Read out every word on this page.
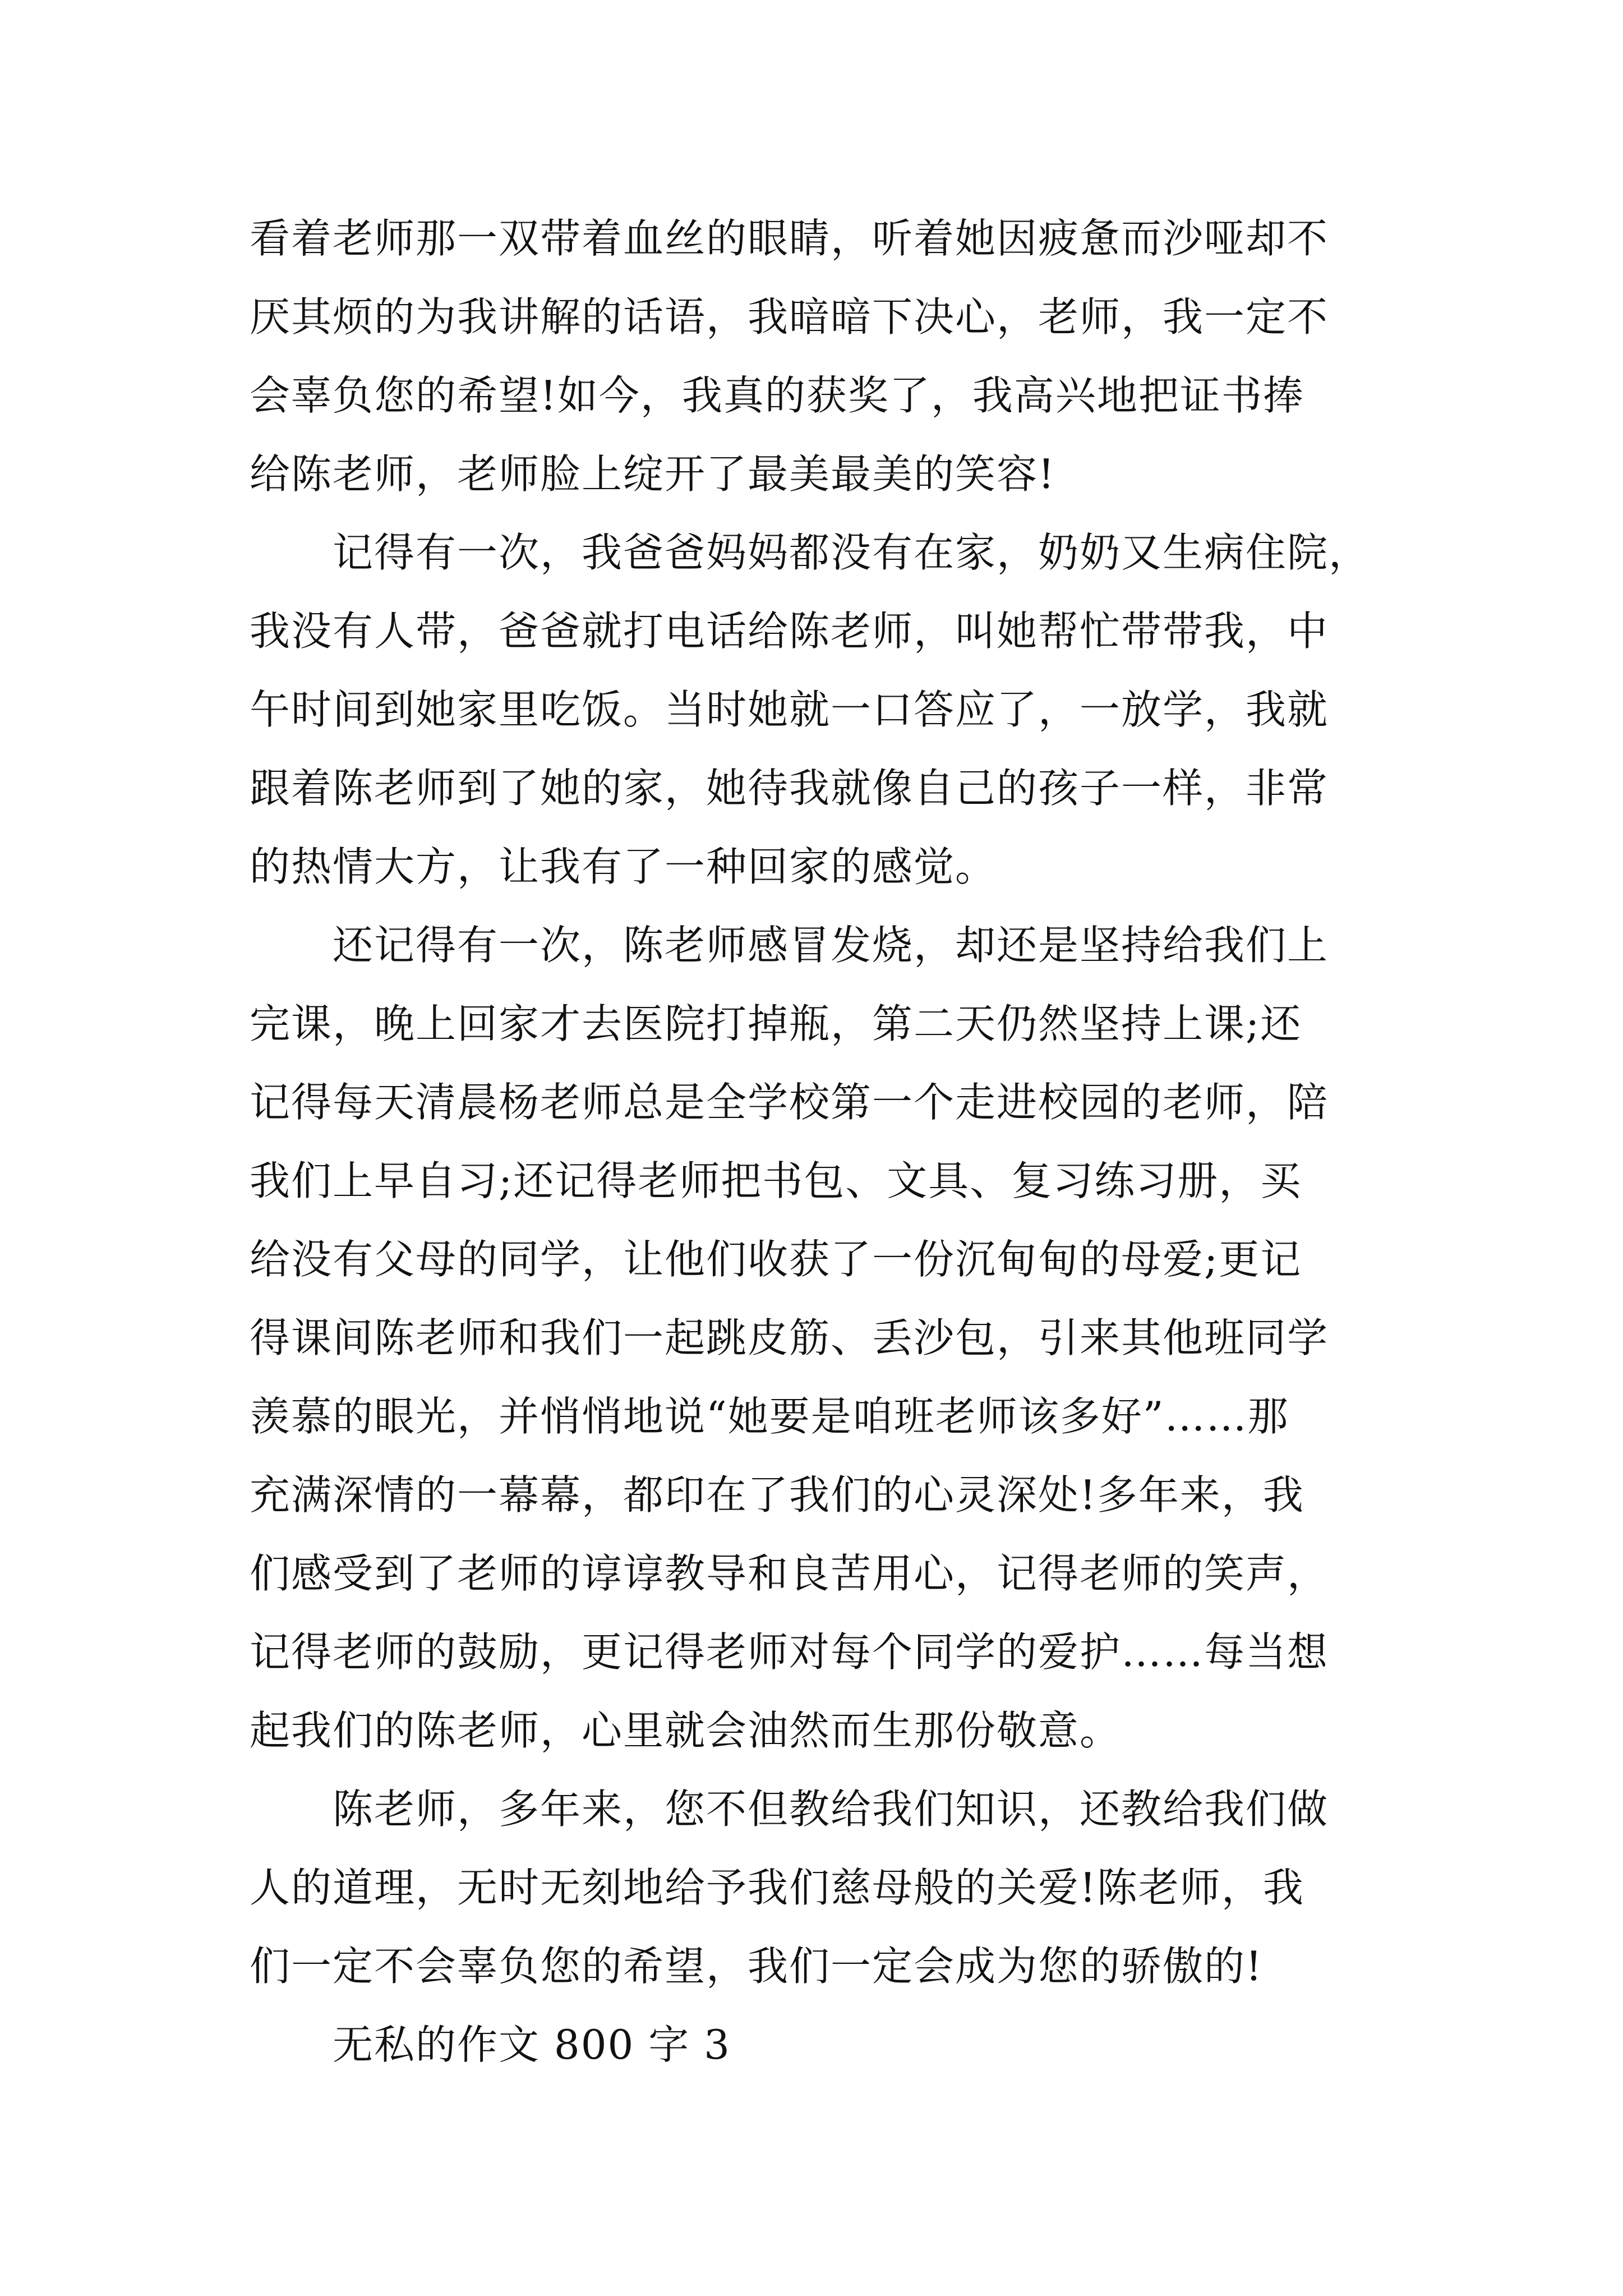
看着老师那一双带着血丝的眼睛，听着她因疲惫而沙哑却不
厌其烦的为我讲解的话语，我暗暗下决心，老师，我一定不
会辜负您的希望!如今，我真的获奖了，我高兴地把证书捧
给陈老师，老师脸上绽开了最美最美的笑容!
　　记得有一次，我爸爸妈妈都没有在家，奶奶又生病住院，
我没有人带，爸爸就打电话给陈老师，叫她帮忙带带我，中
午时间到她家里吃饭。当时她就一口答应了，一放学，我就
跟着陈老师到了她的家，她待我就像自己的孩子一样，非常
的热情大方，让我有了一种回家的感觉。
　　还记得有一次，陈老师感冒发烧，却还是坚持给我们上
完课，晚上回家才去医院打掉瓶，第二天仍然坚持上课;还
记得每天清晨杨老师总是全学校第一个走进校园的老师，陪
我们上早自习;还记得老师把书包、文具、复习练习册，买
给没有父母的同学，让他们收获了一份沉甸甸的母爱;更记
得课间陈老师和我们一起跳皮筋、丢沙包，引来其他班同学
羡慕的眼光，并悄悄地说“她要是咱班老师该多好”……那
充满深情的一幕幕，都印在了我们的心灵深处!多年来，我
们感受到了老师的谆谆教导和良苦用心，记得老师的笑声，
记得老师的鼓励，更记得老师对每个同学的爱护……每当想
起我们的陈老师，心里就会油然而生那份敬意。
　　陈老师，多年来，您不但教给我们知识，还教给我们做
人的道理，无时无刻地给予我们慈母般的关爱!陈老师，我
们一定不会辜负您的希望，我们一定会成为您的骄傲的!
　　无私的作文 800 字 3
